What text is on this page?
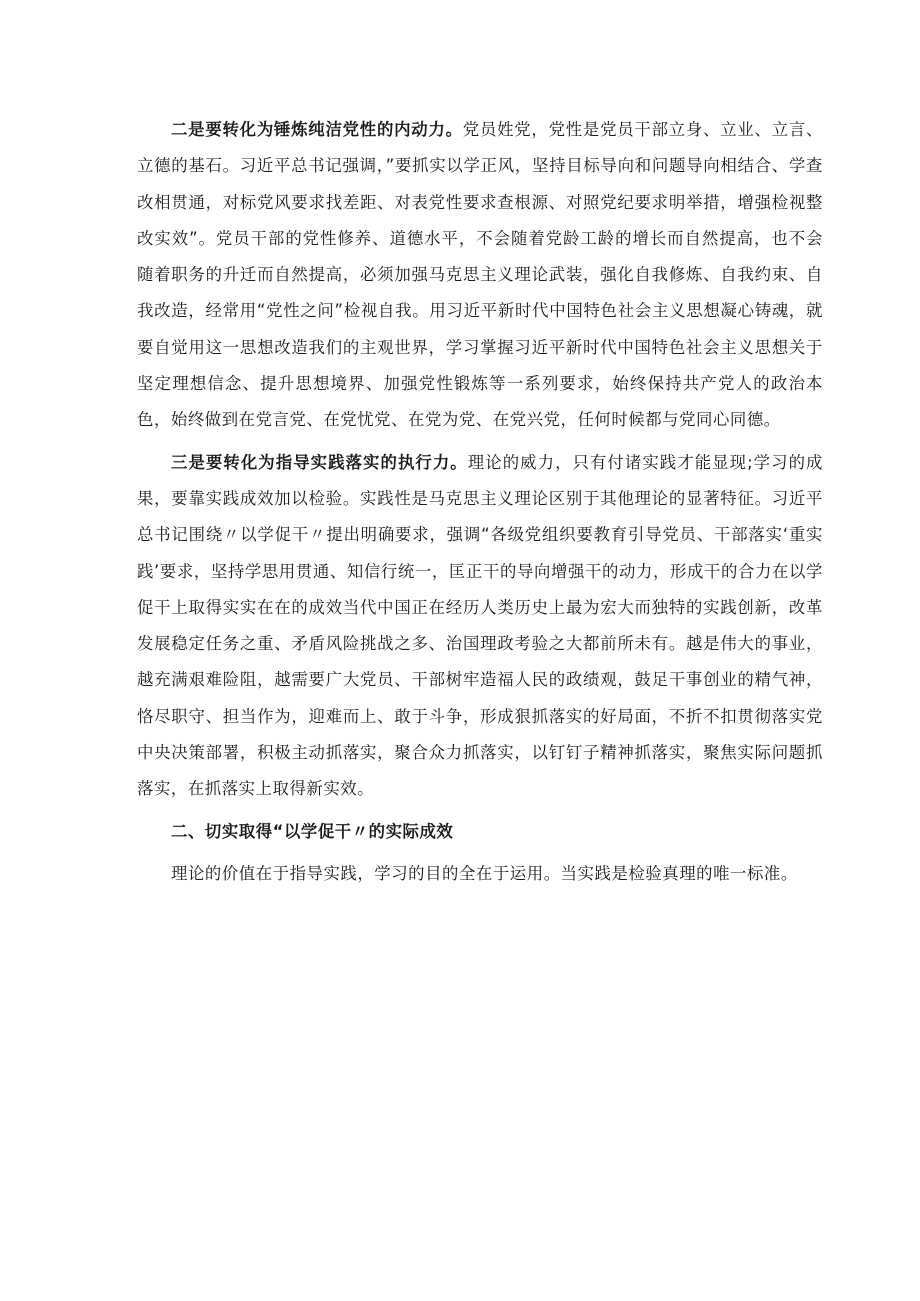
二是要转化为锤炼纯洁党性的内动力。党员姓党，党性是党员干部立身、立业、立言、立德的基石。习近平总书记强调，”要抓实以学正风，坚持目标导向和问题导向相结合、学查改相贯通，对标党风要求找差距、对表党性要求查根源、对照党纪要求明举措，增强检视整改实效”。党员干部的党性修养、道德水平，不会随着党龄工龄的增长而自然提高，也不会随着职务的升迁而自然提高，必须加强马克思主义理论武装，强化自我修炼、自我约束、自我改造，经常用“党性之问”检视自我。用习近平新时代中国特色社会主义思想凝心铸魂，就要自觉用这一思想改造我们的主观世界，学习掌握习近平新时代中国特色社会主义思想关于坚定理想信念、提升思想境界、加强党性锻炼等一系列要求，始终保持共产党人的政治本色，始终做到在党言党、在党忧党、在党为党、在党兴党，任何时候都与党同心同德。

三是要转化为指导实践落实的执行力。理论的威力，只有付诸实践才能显现;学习的成果，要靠实践成效加以检验。实践性是马克思主义理论区别于其他理论的显著特征。习近平总书记围绕〃以学促干〃提出明确要求，强调“各级党组织要教育引导党员、干部落实‘重实践’要求，坚持学思用贯通、知信行统一，匡正干的导向增强干的动力，形成干的合力在以学促干上取得实实在在的成效当代中国正在经历人类历史上最为宏大而独特的实践创新，改革发展稳定任务之重、矛盾风险挑战之多、治国理政考验之大都前所未有。越是伟大的事业，越充满艰难险阻，越需要广大党员、干部树牢造福人民的政绩观，鼓足干事创业的精气神，恪尽职守、担当作为，迎难而上、敢于斗争，形成狠抓落实的好局面，不折不扣贯彻落实党中央决策部署，积极主动抓落实，聚合众力抓落实，以钉钉子精神抓落实，聚焦实际问题抓落实，在抓落实上取得新实效。

二、切实取得“以学促干〃的实际成效

理论的价值在于指导实践，学习的目的全在于运用。当实践是检验真理的唯一标准。
